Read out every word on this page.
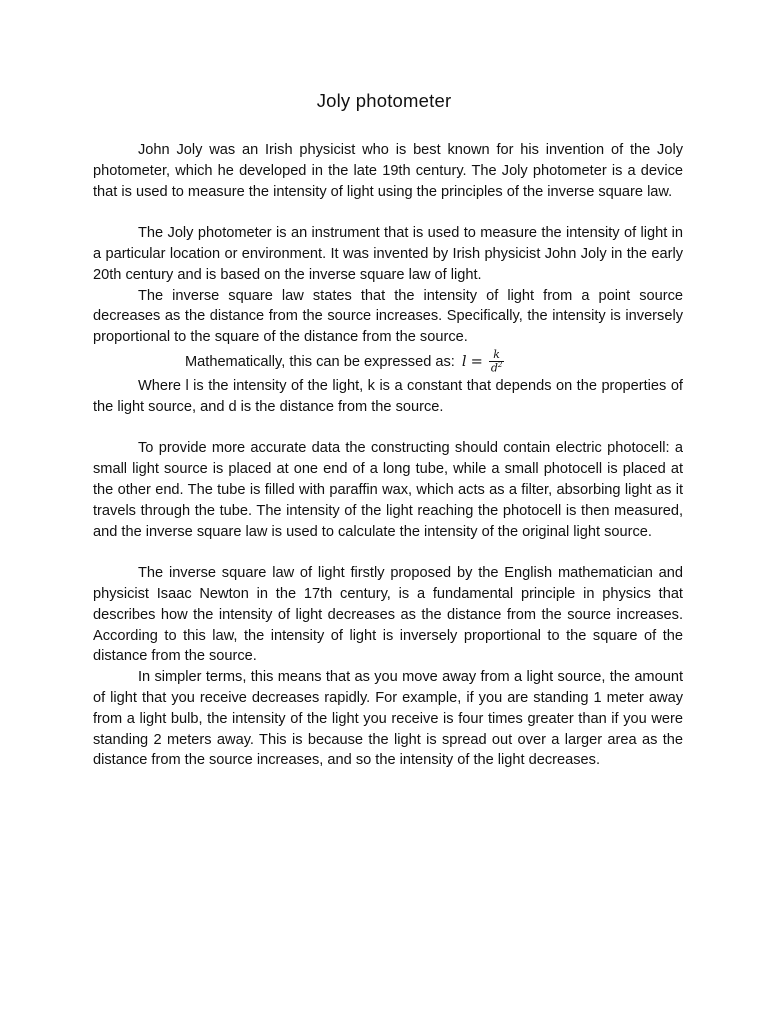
Joly photometer

John Joly was an Irish physicist who is best known for his invention of the Joly photometer, which he developed in the late 19th century. The Joly photometer is a device that is used to measure the intensity of light using the principles of the inverse square law.

The Joly photometer is an instrument that is used to measure the intensity of light in a particular location or environment. It was invented by Irish physicist John Joly in the early 20th century and is based on the inverse square law of light.

The inverse square law states that the intensity of light from a point source decreases as the distance from the source increases. Specifically, the intensity is inversely proportional to the square of the distance from the source.

Mathematically, this can be expressed as: $l = \frac{k}{d^2}$

Where l is the intensity of the light, k is a constant that depends on the properties of the light source, and d is the distance from the source.

To provide more accurate data the constructing should contain electric photocell: a small light source is placed at one end of a long tube, while a small photocell is placed at the other end. The tube is filled with paraffin wax, which acts as a filter, absorbing light as it travels through the tube. The intensity of the light reaching the photocell is then measured, and the inverse square law is used to calculate the intensity of the original light source.

The inverse square law of light firstly proposed by the English mathematician and physicist Isaac Newton in the 17th century, is a fundamental principle in physics that describes how the intensity of light decreases as the distance from the source increases. According to this law, the intensity of light is inversely proportional to the square of the distance from the source.

In simpler terms, this means that as you move away from a light source, the amount of light that you receive decreases rapidly. For example, if you are standing 1 meter away from a light bulb, the intensity of the light you receive is four times greater than if you were standing 2 meters away. This is because the light is spread out over a larger area as the distance from the source increases, and so the intensity of the light decreases.
